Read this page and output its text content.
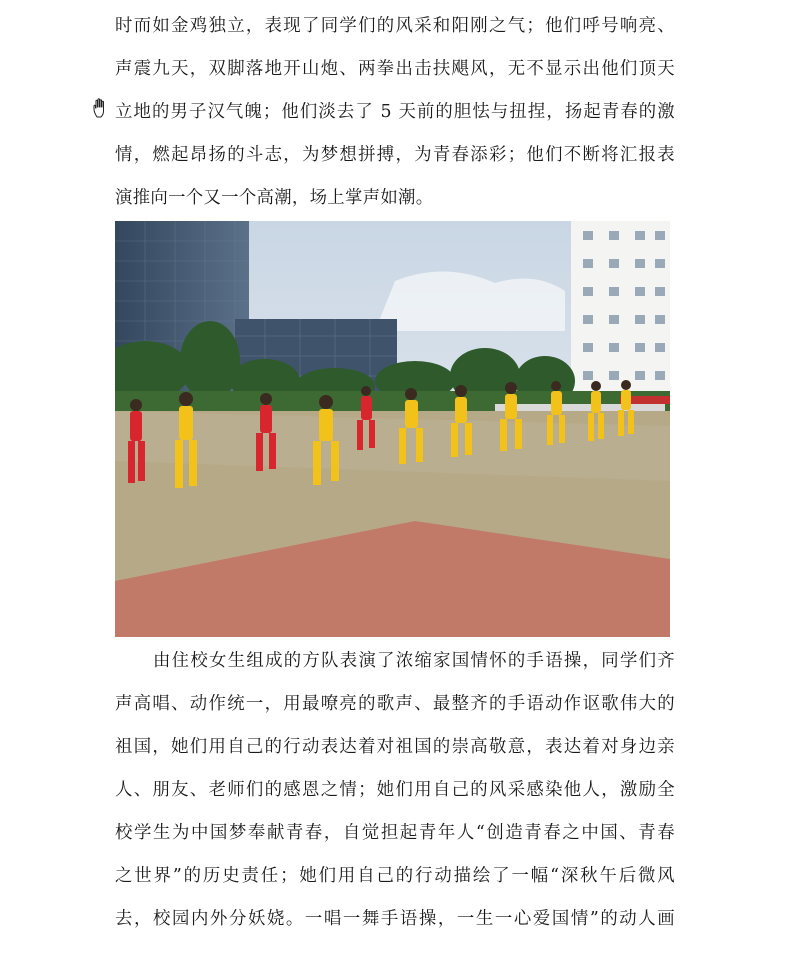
时而如金鸡独立，表现了同学们的风采和阳刚之气；他们呼号响亮、
声震九天，双脚落地开山炮、两拳出击扶飓风，无不显示出他们顶天
立地的男子汉气魄；他们淡去了 5 天前的胆怯与扭捏，扬起青春的激
情，燃起昂扬的斗志，为梦想拼搏，为青春添彩；他们不断将汇报表
演推向一个又一个高潮，场上掌声如潮。
由住校女生组成的方队表演了浓缩家国情怀的手语操，同学们齐
声高唱、动作统一，用最嘹亮的歌声、最整齐的手语动作讴歌伟大的
祖国，她们用自己的行动表达着对祖国的崇高敬意，表达着对身边亲
人、朋友、老师们的感恩之情；她们用自己的风采感染他人，激励全
校学生为中国梦奉献青春，自觉担起青年人“创造青春之中国、青春
之世界”的历史责任；她们用自己的行动描绘了一幅“深秋午后微风
去，校园内外分妖娆。一唱一舞手语操，一生一心爱国情”的动人画
